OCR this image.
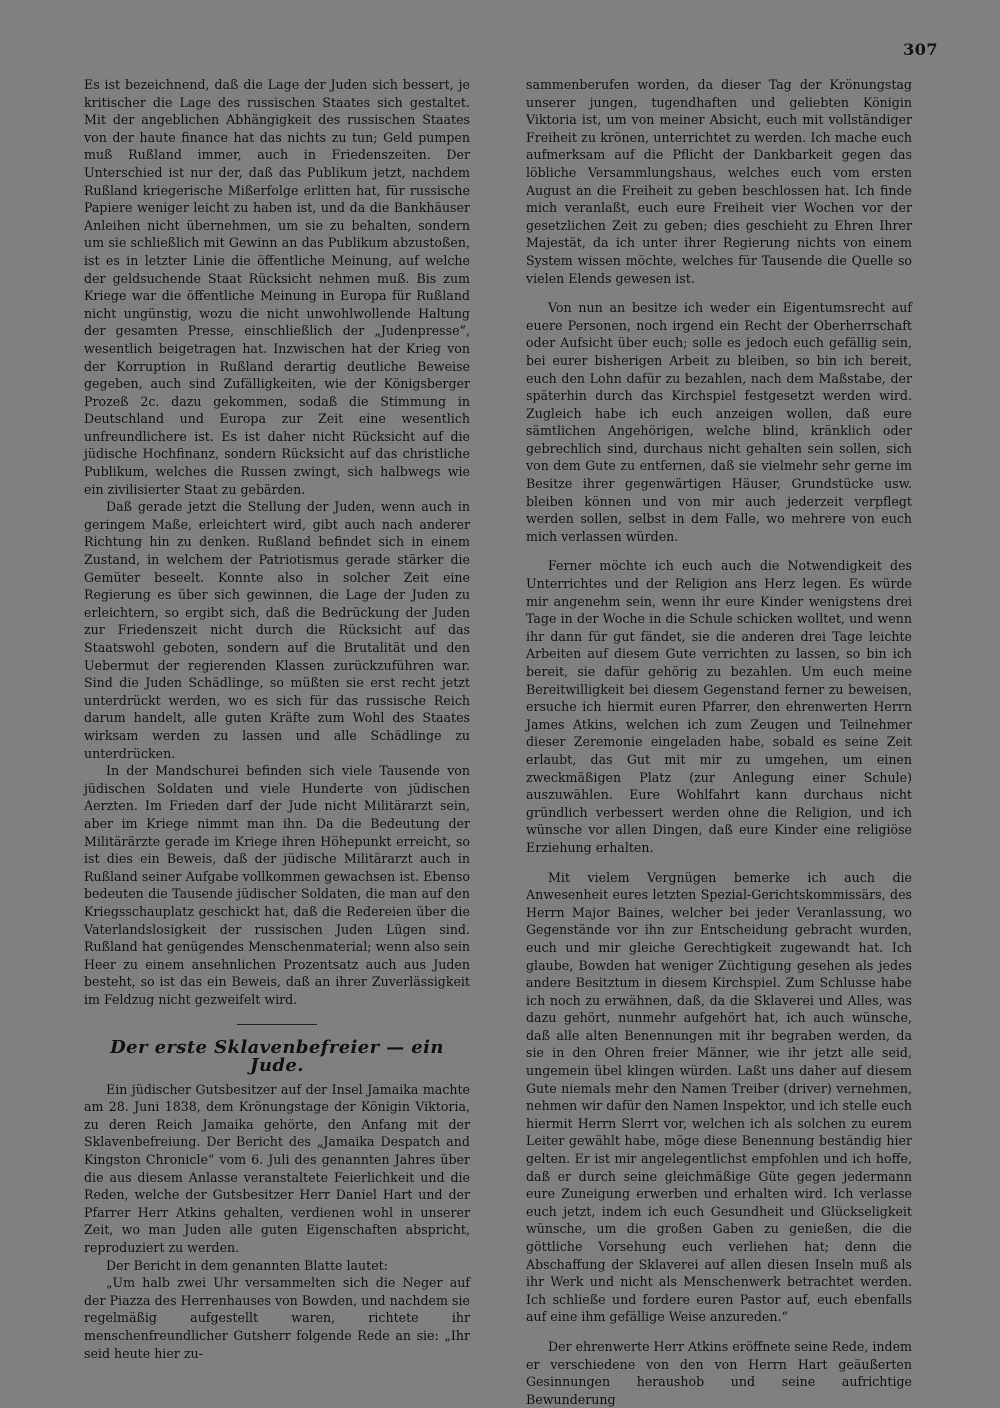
307

Es ist bezeichnend, daß die Lage der Juden sich bessert, je kritischer die Lage des russischen Staates sich gestaltet. Mit der angeblichen Abhängigkeit des russischen Staates von der haute finance hat das nichts zu tun; Geld pumpen muß Rußland immer, auch in Friedenszeiten. Der Unterschied ist nur der, daß das Publikum jetzt, nachdem Rußland kriegerische Mißerfolge erlitten hat, für russische Papiere weniger leicht zu haben ist, und da die Bankhäuser Anleihen nicht übernehmen, um sie zu behalten, sondern um sie schließlich mit Gewinn an das Publikum abzustoßen, ist es in letzter Linie die öffentliche Meinung, auf welche der geldsuchende Staat Rücksicht nehmen muß. Bis zum Kriege war die öffentliche Meinung in Europa für Rußland nicht ungünstig, wozu die nicht unwohlwollende Haltung der gesamten Presse, einschließlich der „Judenpresse“, wesentlich beigetragen hat. Inzwischen hat der Krieg von der Korruption in Rußland derartig deutliche Beweise gegeben, auch sind Zufälligkeiten, wie der Königsberger Prozeß 2c. dazu gekommen, sodaß die Stimmung in Deutschland und Europa zur Zeit eine wesentlich unfreundlichere ist. Es ist daher nicht Rücksicht auf die jüdische Hochfinanz, sondern Rücksicht auf das christliche Publikum, welches die Russen zwingt, sich halbwegs wie ein zivilisierter Staat zu gebärden.

Daß gerade jetzt die Stellung der Juden, wenn auch in geringem Maße, erleichtert wird, gibt auch nach anderer Richtung hin zu denken. Rußland befindet sich in einem Zustand, in welchem der Patriotismus gerade stärker die Gemüter beseelt. Konnte also in solcher Zeit eine Regierung es über sich gewinnen, die Lage der Juden zu erleichtern, so ergibt sich, daß die Bedrückung der Juden zur Friedenszeit nicht durch die Rücksicht auf das Staatswohl geboten, sondern auf die Brutalität und den Uebermut der regierenden Klassen zurückzuführen war. Sind die Juden Schädlinge, so müßten sie erst recht jetzt unterdrückt werden, wo es sich für das russische Reich darum handelt, alle guten Kräfte zum Wohl des Staates wirksam werden zu lassen und alle Schädlinge zu unterdrücken.

In der Mandschurei befinden sich viele Tausende von jüdischen Soldaten und viele Hunderte von jüdischen Aerzten. Im Frieden darf der Jude nicht Militärarzt sein, aber im Kriege nimmt man ihn. Da die Bedeutung der Militärärzte gerade im Kriege ihren Höhepunkt erreicht, so ist dies ein Beweis, daß der jüdische Militärarzt auch in Rußland seiner Aufgabe vollkommen gewachsen ist. Ebenso bedeuten die Tausende jüdischer Soldaten, die man auf den Kriegsschauplatz geschickt hat, daß die Redereien über die Vaterlandslosigkeit der russischen Juden Lügen sind. Rußland hat genügendes Menschenmaterial; wenn also sein Heer zu einem ansehnlichen Prozentsatz auch aus Juden besteht, so ist das ein Beweis, daß an ihrer Zuverlässigkeit im Feldzug nicht gezweifelt wird.

Der erste Sklavenbefreier — ein Jude.

Ein jüdischer Gutsbesitzer auf der Insel Jamaika machte am 28. Juni 1838, dem Krönungstage der Königin Viktoria, zu deren Reich Jamaika gehörte, den Anfang mit der Sklavenbefreiung. Der Bericht des „Jamaika Despatch and Kingston Chronicle“ vom 6. Juli des genannten Jahres über die aus diesem Anlasse veranstaltete Feierlichkeit und die Reden, welche der Gutsbesitzer Herr Daniel Hart und der Pfarrer Herr Atkins gehalten, verdienen wohl in unserer Zeit, wo man Juden alle guten Eigenschaften abspricht, reproduziert zu werden.

Der Bericht in dem genannten Blatte lautet:

„Um halb zwei Uhr versammelten sich die Neger auf der Piazza des Herrenhauses von Bowden, und nachdem sie regelmäßig aufgestellt waren, richtete ihr menschenfreundlicher Gutsherr folgende Rede an sie: „Ihr seid heute hier zu-

sammenberufen worden, da dieser Tag der Krönungstag unserer jungen, tugendhaften und geliebten Königin Viktoria ist, um von meiner Absicht, euch mit vollständiger Freiheit zu krönen, unterrichtet zu werden. Ich mache euch aufmerksam auf die Pflicht der Dankbarkeit gegen das löbliche Versammlungshaus, welches euch vom ersten August an die Freiheit zu geben beschlossen hat. Ich finde mich veranlaßt, euch eure Freiheit vier Wochen vor der gesetzlichen Zeit zu geben; dies geschieht zu Ehren Ihrer Majestät, da ich unter ihrer Regierung nichts von einem System wissen möchte, welches für Tausende die Quelle so vielen Elends gewesen ist.

Von nun an besitze ich weder ein Eigentumsrecht auf euere Personen, noch irgend ein Recht der Oberherrschaft oder Aufsicht über euch; solle es jedoch euch gefällig sein, bei eurer bisherigen Arbeit zu bleiben, so bin ich bereit, euch den Lohn dafür zu bezahlen, nach dem Maßstabe, der späterhin durch das Kirchspiel festgesetzt werden wird. Zugleich habe ich euch anzeigen wollen, daß eure sämtlichen Angehörigen, welche blind, kränklich oder gebrechlich sind, durchaus nicht gehalten sein sollen, sich von dem Gute zu entfernen, daß sie vielmehr sehr gerne im Besitze ihrer gegenwärtigen Häuser, Grundstücke usw. bleiben können und von mir auch jederzeit verpflegt werden sollen, selbst in dem Falle, wo mehrere von euch mich verlassen würden.

Ferner möchte ich euch auch die Notwendigkeit des Unterrichtes und der Religion ans Herz legen. Es würde mir angenehm sein, wenn ihr eure Kinder wenigstens drei Tage in der Woche in die Schule schicken wolltet, und wenn ihr dann für gut fändet, sie die anderen drei Tage leichte Arbeiten auf diesem Gute verrichten zu lassen, so bin ich bereit, sie dafür gehörig zu bezahlen. Um euch meine Bereitwilligkeit bei diesem Gegenstand ferner zu beweisen, ersuche ich hiermit euren Pfarrer, den ehrenwerten Herrn James Atkins, welchen ich zum Zeugen und Teilnehmer dieser Zeremonie eingeladen habe, sobald es seine Zeit erlaubt, das Gut mit mir zu umgehen, um einen zweckmäßigen Platz (zur Anlegung einer Schule) auszuwählen. Eure Wohlfahrt kann durchaus nicht gründlich verbessert werden ohne die Religion, und ich wünsche vor allen Dingen, daß eure Kinder eine religiöse Erziehung erhalten.

Mit vielem Vergnügen bemerke ich auch die Anwesenheit eures letzten Spezial-Gerichtskommissärs, des Herrn Major Baines, welcher bei jeder Veranlassung, wo Gegenstände vor ihn zur Entscheidung gebracht wurden, euch und mir gleiche Gerechtigkeit zugewandt hat. Ich glaube, Bowden hat weniger Züchtigung gesehen als jedes andere Besitztum in diesem Kirchspiel. Zum Schlusse habe ich noch zu erwähnen, daß, da die Sklaverei und Alles, was dazu gehört, nunmehr aufgehört hat, ich auch wünsche, daß alle alten Benennungen mit ihr begraben werden, da sie in den Ohren freier Männer, wie ihr jetzt alle seid, ungemein übel klingen würden. Laßt uns daher auf diesem Gute niemals mehr den Namen Treiber (driver) vernehmen, nehmen wir dafür den Namen Inspektor, und ich stelle euch hiermit Herrn Slerrt vor, welchen ich als solchen zu eurem Leiter gewählt habe, möge diese Benennung beständig hier gelten. Er ist mir angelegentlichst empfohlen und ich hoffe, daß er durch seine gleichmäßige Güte gegen jedermann eure Zuneigung erwerben und erhalten wird. Ich verlasse euch jetzt, indem ich euch Gesundheit und Glückseligkeit wünsche, um die großen Gaben zu genießen, die die göttliche Vorsehung euch verliehen hat; denn die Abschaffung der Sklaverei auf allen diesen Inseln muß als ihr Werk und nicht als Menschenwerk betrachtet werden. Ich schließe und fordere euren Pastor auf, euch ebenfalls auf eine ihm gefällige Weise anzureden.“

Der ehrenwerte Herr Atkins eröffnete seine Rede, indem er verschiedene von den von Herrn Hart geäußerten Gesinnungen heraushob und seine aufrichtige Bewunderung
